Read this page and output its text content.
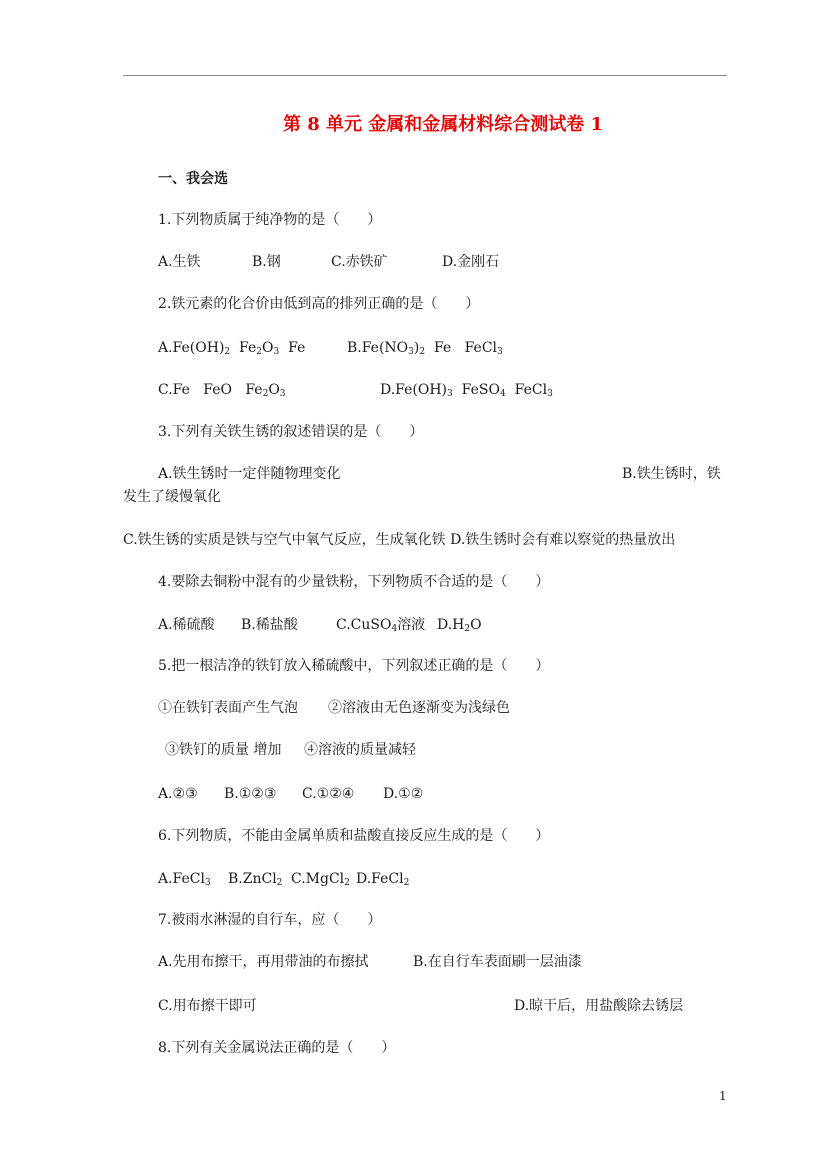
第 8 单元 金属和金属材料综合测试卷 1
一、我会选
1.下列物质属于纯净物的是（　　）
A.生铁	B.钢	C.赤铁矿	D.金刚石
2.铁元素的化合价由低到高的排列正确的是（　　）
$A.Fe(OH)_2$ $Fe_2O_3$ Fe	$B.Fe(NO_3)_2$ Fe FeCl$_3$
C.Fe FeO $Fe_2O_3$	$D.Fe(OH)_3$ FeSO$_4$ FeCl$_3$
3.下列有关铁生锈的叙述错误的是（　　）
A.铁生锈时一定伴随物理变化	B.铁生锈时，铁
发生了缓慢氧化
C.铁生锈的实质是铁与空气中氧气反应，生成氧化铁 D.铁生锈时会有难以察觉的热量放出
4.要除去铜粉中混有的少量铁粉，下列物质不合适的是（　　）
A.稀硫酸 B.稀盐酸	C.CuSO$_4$溶液 $D.H_2O$
5.把一根洁净的铁钉放入稀硫酸中，下列叙述正确的是（　　）
①在铁钉表面产生气泡 ②溶液由无色逐渐变为浅绿色
③铁钉的质量 增加 ④溶液的质量减轻
A.②③ B.①②③ C.①②④ D.①②
6.下列物质，不能由金属单质和盐酸直接反应生成的是（　　）
A.FeCl$_3$ B.ZnCl$_2$ C.MgCl$_2$ D.FeCl$_2$
7.被雨水淋湿的自行车，应（　　）
A.先用布擦干，再用带油的布擦拭	B.在自行车表面刷一层油漆
C.用布擦干即可	D.晾干后，用盐酸除去锈层
8.下列有关金属说法正确的是（　　）
1
